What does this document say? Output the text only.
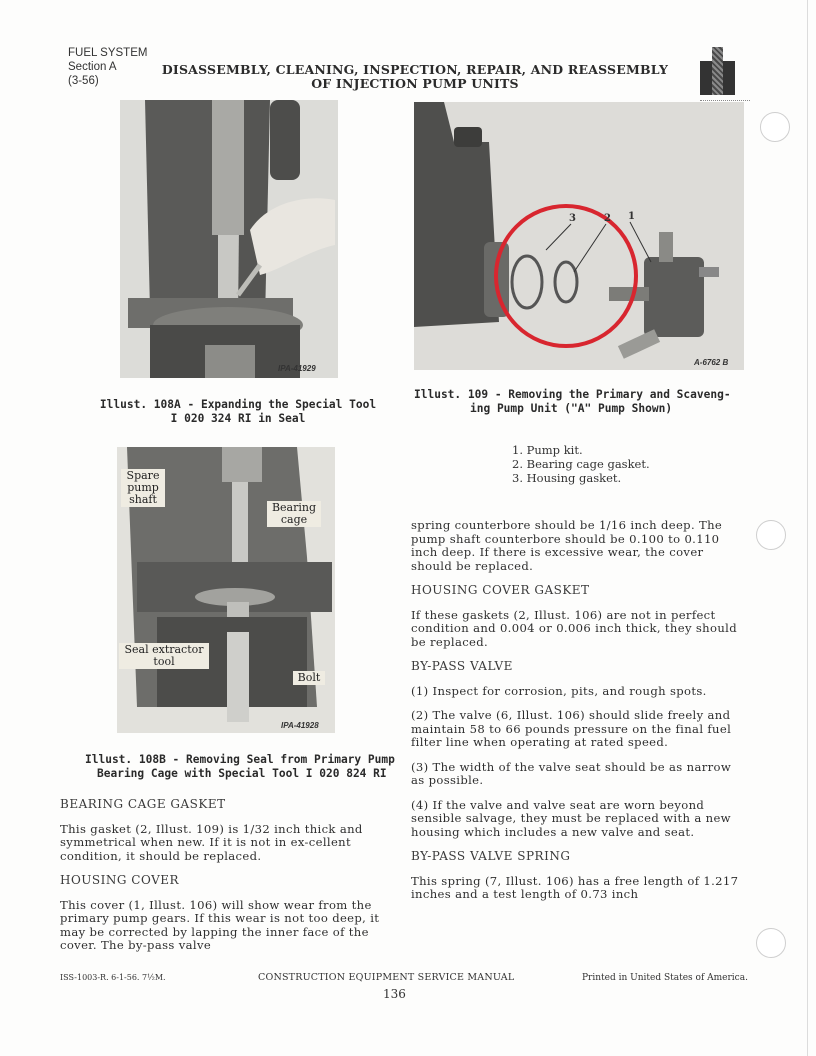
FUEL SYSTEM
Section A
(3-56)
DISASSEMBLY, CLEANING, INSPECTION, REPAIR, AND REASSEMBLY
OF INJECTION PUMP UNITS
IPA-41929
Illust. 108A - Expanding the Special Tool
I 020 324 RI in Seal
3	2 1
A-6762 B
Illust. 109 - Removing the Primary and Scaveng-
ing Pump Unit ("A" Pump Shown)
1. Pump kit.
2. Bearing cage gasket.
3. Housing gasket.
Spare pump shaft
Bearing cage
Seal extractor tool
Bolt
IPA-41928
Illust. 108B - Removing Seal from Primary Pump
Bearing Cage with Special Tool I 020 824 RI
BEARING CAGE GASKET

This gasket (2, Illust. 109) is 1/32 inch thick and symmetrical when new. If it is not in ex-cellent condition, it should be replaced.

HOUSING COVER

This cover (1, Illust. 106) will show wear from the primary pump gears. If this wear is not too deep, it may be corrected by lapping the inner face of the cover. The by-pass valve

spring counterbore should be 1/16 inch deep. The pump shaft counterbore should be 0.100 to 0.110 inch deep. If there is excessive wear, the cover should be replaced.

HOUSING COVER GASKET

If these gaskets (2, Illust. 106) are not in perfect condition and 0.004 or 0.006 inch thick, they should be replaced.

BY-PASS VALVE

(1) Inspect for corrosion, pits, and rough spots.

(2) The valve (6, Illust. 106) should slide freely and maintain 58 to 66 pounds pressure on the final fuel filter line when operating at rated speed.

(3) The width of the valve seat should be as narrow as possible.

(4) If the valve and valve seat are worn beyond sensible salvage, they must be replaced with a new housing which includes a new valve and seat.

BY-PASS VALVE SPRING

This spring (7, Illust. 106) has a free length of 1.217 inches and a test length of 0.73 inch

ISS-1003-R. 6-1-56. 7½M.	CONSTRUCTION EQUIPMENT SERVICE MANUAL	Printed in United States of America.
136
